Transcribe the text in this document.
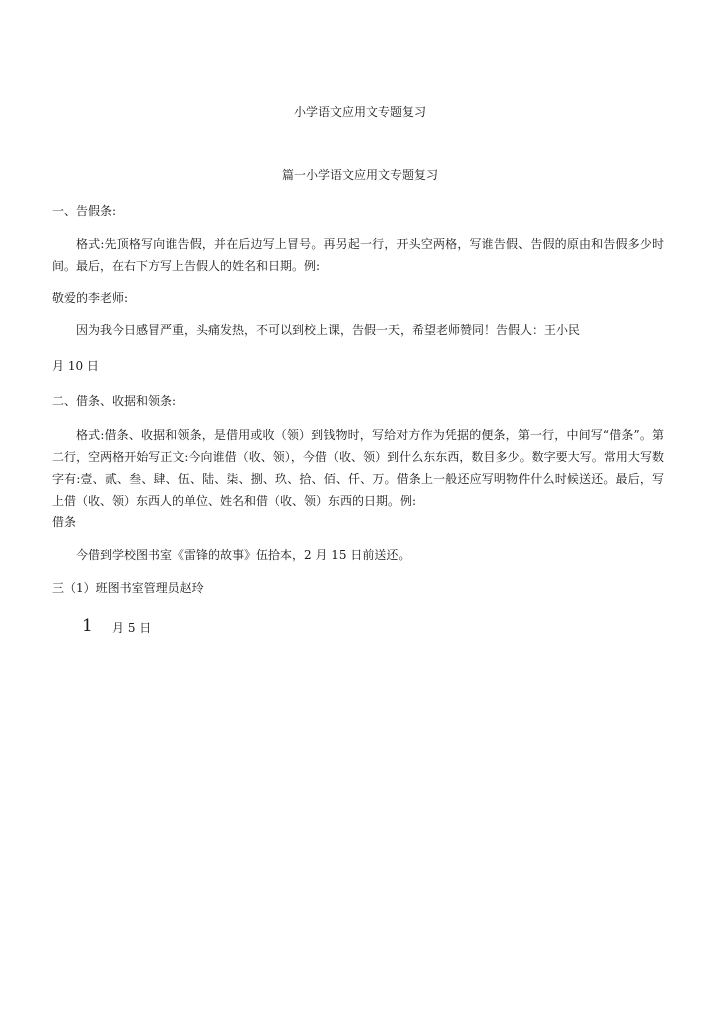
小学语文应用文专题复习
篇一小学语文应用文专题复习
一、告假条:
格式:先顶格写向谁告假，并在后边写上冒号。再另起一行，开头空两格，写谁告假、告假的原由和告假多少时间。最后，在右下方写上告假人的姓名和日期。例:
敬爱的李老师:
因为我今日感冒严重，头痛发热，不可以到校上课，告假一天，希望老师赞同！告假人：王小民
月 10 日
二、借条、收据和领条:
格式:借条、收据和领条，是借用或收（领）到钱物时，写给对方作为凭据的便条，第一行，中间写“借条”。第二行，空两格开始写正文:今向谁借（收、领），今借（收、领）到什么东东西，数目多少。数字要大写。常用大写数字有:壹、贰、叁、肆、伍、陆、柒、捌、玖、拾、佰、仟、万。借条上一般还应写明物件什么时候送还。最后，写上借（收、领）东西人的单位、姓名和借（收、领）东西的日期。例:
借条
今借到学校图书室《雷锋的故事》伍拾本，2 月 15 日前送还。
三（1）班图书室管理员赵玲
1 月 5 日
